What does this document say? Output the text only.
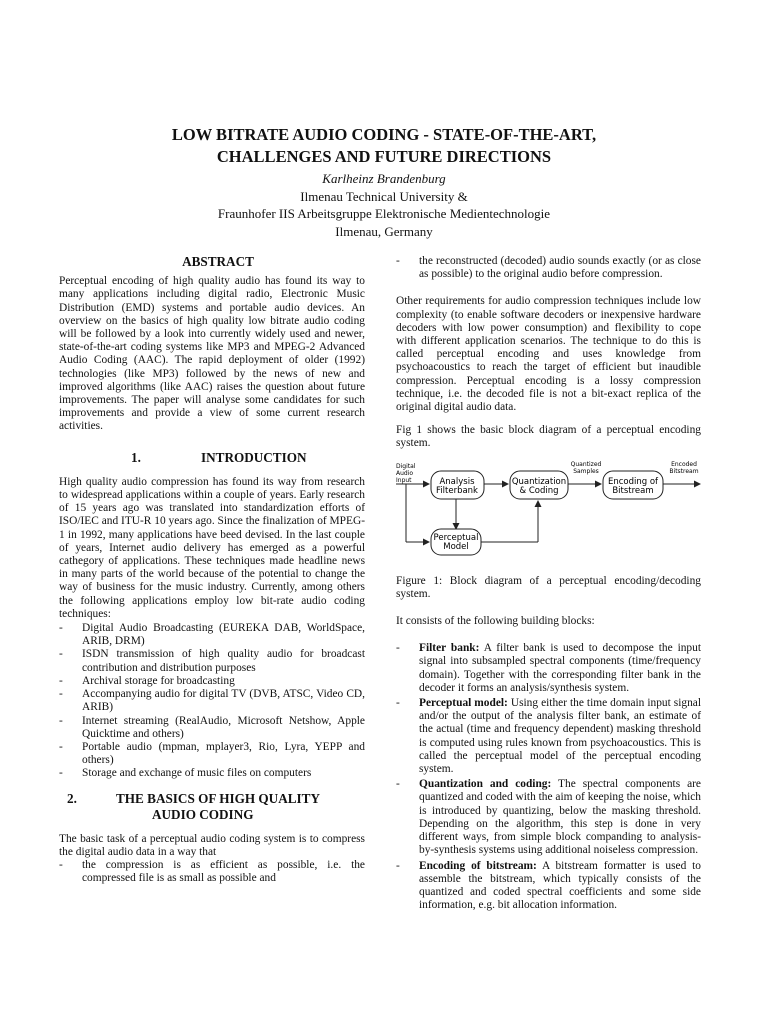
LOW BITRATE AUDIO CODING - STATE-OF-THE-ART,
CHALLENGES AND FUTURE DIRECTIONS
Karlheinz Brandenburg
Ilmenau Technical University &
Fraunhofer IIS Arbeitsgruppe Elektronische Medientechnologie
Ilmenau, Germany
ABSTRACT

Perceptual encoding of high quality audio has found its way to many applications including digital radio, Electronic Music Distribution (EMD) systems and portable audio devices. An overview on the basics of high quality low bitrate audio coding will be followed by a look into currently widely used and newer, state-of-the-art coding systems like MP3 and MPEG-2 Advanced Audio Coding (AAC). The rapid deployment of older (1992) technologies (like MP3) followed by the news of new and improved algorithms (like AAC) raises the question about future improvements. The paper will analyse some candidates for such improvements and provide a view of some current research activities.

1.	INTRODUCTION

High quality audio compression has found its way from research to widespread applications within a couple of years. Early research of 15 years ago was translated into standardization efforts of ISO/IEC and ITU-R 10 years ago. Since the finalization of MPEG-1 in 1992, many applications have beed devised. In the last couple of years, Internet audio delivery has emerged as a powerful cathegory of applications. These techniques made headline news in many parts of the world because of the potential to change the way of business for the music industry. Currently, among others the following applications employ low bit-rate audio coding techniques:

- Digital Audio Broadcasting (EUREKA DAB, WorldSpace, ARIB, DRM)
- ISDN transmission of high quality audio for broadcast contribution and distribution purposes
- Archival storage for broadcasting
- Accompanying audio for digital TV (DVB, ATSC, Video CD, ARIB)
- Internet streaming (RealAudio, Microsoft Netshow, Apple Quicktime and others)
- Portable audio (mpman, mplayer3, Rio, Lyra, YEPP and others)
- Storage and exchange of music files on computers
2.	THE BASICS OF HIGH QUALITY
AUDIO CODING

The basic task of a perceptual audio coding system is to compress the digital audio data in a way that

- the compression is as efficient as possible, i.e. the compressed file is as small as possible and
- the reconstructed (decoded) audio sounds exactly (or as close as possible) to the original audio before compression.

Other requirements for audio compression techniques include low complexity (to enable software decoders or inexpensive hardware decoders with low power consumption) and flexibility to cope with different application scenarios. The technique to do this is called perceptual encoding and uses knowledge from psychoacoustics to reach the target of efficient but inaudible compression. Perceptual encoding is a lossy compression technique, i.e. the decoded file is not a bit-exact replica of the original digital audio data.

Fig 1 shows the basic block diagram of a perceptual encoding system.

Digital Audio Input	Analysis Filterbank
Quantization & Coding
Quantized Samples
Encoding of Bitstream
Encoded Bitstream
Perceptual Model

Figure 1: Block diagram of a perceptual encoding/decoding system.

It consists of the following building blocks:

- Filter bank: A filter bank is used to decompose the input signal into subsampled spectral components (time/frequency domain). Together with the corresponding filter bank in the decoder it forms an analysis/synthesis system.
- Perceptual model: Using either the time domain input signal and/or the output of the analysis filter bank, an estimate of the actual (time and frequency dependent) masking threshold is computed using rules known from psychoacoustics. This is called the perceptual model of the perceptual encoding system.
- Quantization and coding: The spectral components are quantized and coded with the aim of keeping the noise, which is introduced by quantizing, below the masking threshold. Depending on the algorithm, this step is done in very different ways, from simple block companding to analysis-by-synthesis systems using additional noiseless compression.
- Encoding of bitstream: A bitstream formatter is used to assemble the bitstream, which typically consists of the quantized and coded spectral coefficients and some side information, e.g. bit allocation information.
